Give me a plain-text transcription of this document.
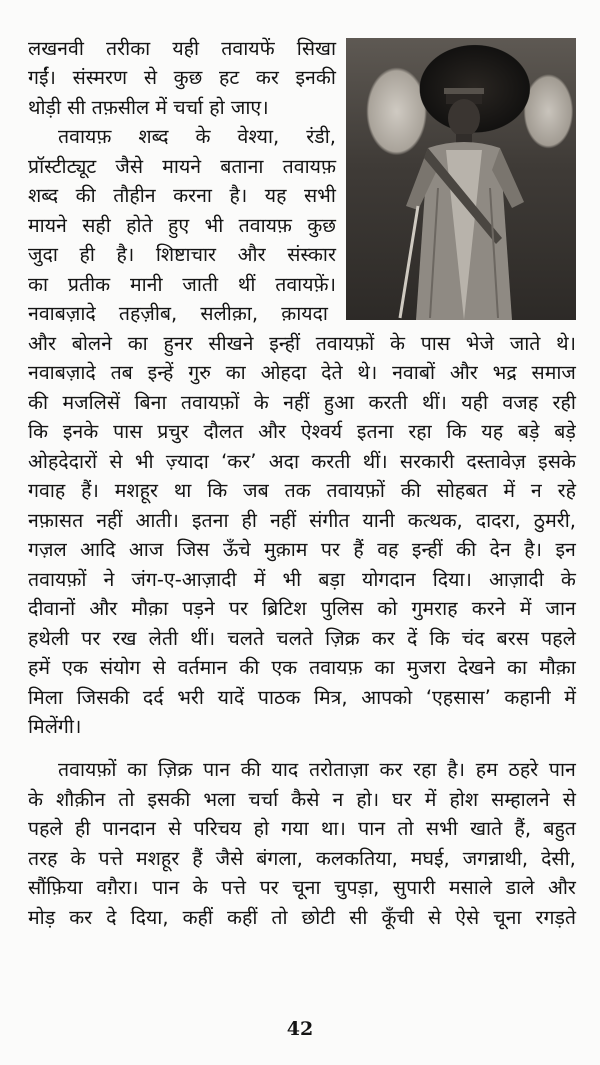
लखनवी तरीका यही तवायफें सिखा
गईं। संस्मरण से कुछ हट कर इनकी
थोड़ी सी तफ़सील में चर्चा हो जाए।
तवायफ़ शब्द के वेश्या, रंडी,
प्रॉस्टीट्यूट जैसे मायने बताना तवायफ़
शब्द की तौहीन करना है। यह सभी
मायने सही होते हुए भी तवायफ़ कुछ
जुदा ही है। शिष्टाचार और संस्कार
का प्रतीक मानी जाती थीं तवायफ़ें।
नवाबज़ादे तहज़ीब, सलीक़ा, क़ायदा
और बोलने का हुनर सीखने इन्हीं तवायफ़ों के पास भेजे जाते थे।
नवाबज़ादे तब इन्हें गुरु का ओहदा देते थे। नवाबों और भद्र समाज
की मजलिसें बिना तवायफ़ों के नहीं हुआ करती थीं। यही वजह रही
कि इनके पास प्रचुर दौलत और ऐश्वर्य इतना रहा कि यह बड़े बड़े
ओहदेदारों से भी ज़्यादा ‘कर’ अदा करती थीं। सरकारी दस्तावेज़ इसके
गवाह हैं। मशहूर था कि जब तक तवायफ़ों की सोहबत में न रहे
नफ़ासत नहीं आती। इतना ही नहीं संगीत यानी कत्थक, दादरा, ठुमरी,
गज़ल आदि आज जिस ऊँचे मुक़ाम पर हैं वह इन्हीं की देन है। इन
तवायफ़ों ने जंग-ए-आज़ादी में भी बड़ा योगदान दिया। आज़ादी के
दीवानों और मौक़ा पड़ने पर ब्रिटिश पुलिस को गुमराह करने में जान
हथेली पर रख लेती थीं। चलते चलते ज़िक्र कर दें कि चंद बरस पहले
हमें एक संयोग से वर्तमान की एक तवायफ़ का मुजरा देखने का मौक़ा
मिला जिसकी दर्द भरी यादें पाठक मित्र, आपको ‘एहसास’ कहानी में
मिलेंगी।
तवायफ़ों का ज़िक्र पान की याद तरोताज़ा कर रहा है। हम ठहरे पान
के शौक़ीन तो इसकी भला चर्चा कैसे न हो। घर में होश सम्हालने से
पहले ही पानदान से परिचय हो गया था। पान तो सभी खाते हैं, बहुत
तरह के पत्ते मशहूर हैं जैसे बंगला, कलकतिया, मघई, जगन्नाथी, देसी,
सौंफ़िया वग़ैरा। पान के पत्ते पर चूना चुपड़ा, सुपारी मसाले डाले और
मोड़ कर दे दिया, कहीं कहीं तो छोटी सी कूँची से ऐसे चूना रगड़ते
42
